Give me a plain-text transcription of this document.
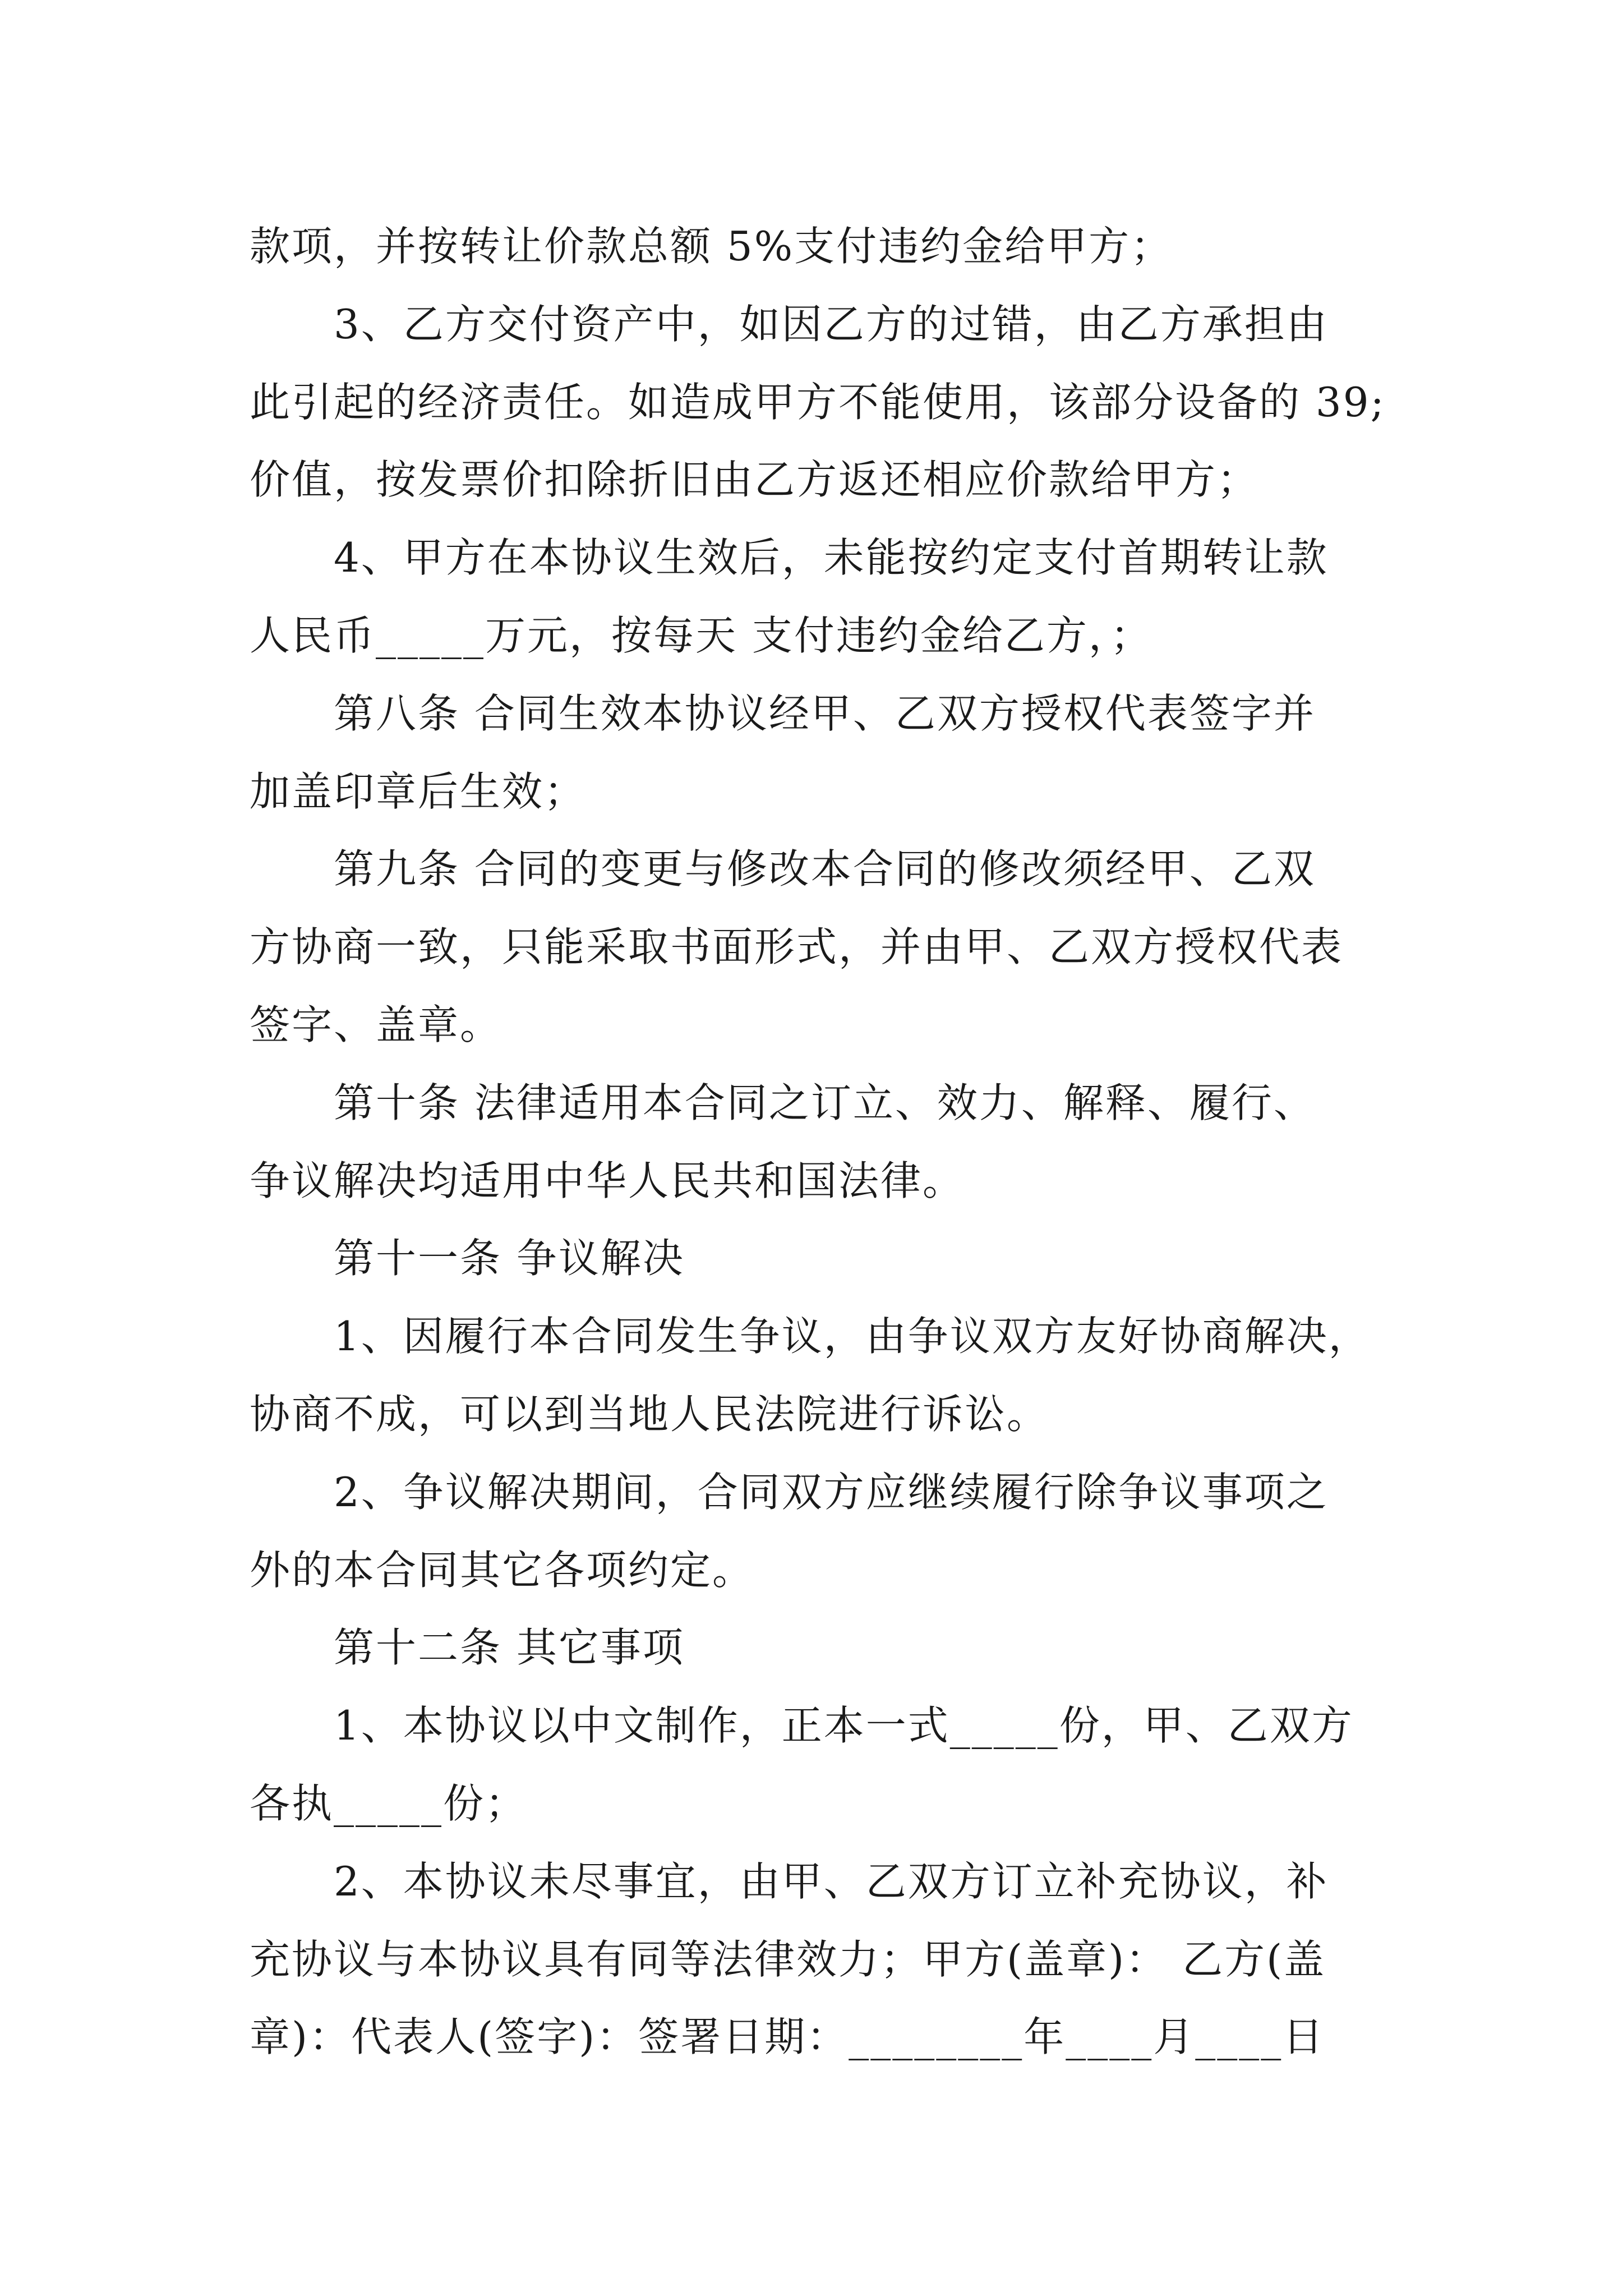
款项，并按转让价款总额 5%支付违约金给甲方；
3、乙方交付资产中，如因乙方的过错，由乙方承担由
此引起的经济责任。如造成甲方不能使用，该部分设备的 39;
价值，按发票价扣除折旧由乙方返还相应价款给甲方；
4、甲方在本协议生效后，未能按约定支付首期转让款
人民币_____万元，按每天 支付违约金给乙方，；
第八条 合同生效本协议经甲、乙双方授权代表签字并
加盖印章后生效；
第九条 合同的变更与修改本合同的修改须经甲、乙双
方协商一致，只能采取书面形式，并由甲、乙双方授权代表
签字、盖章。
第十条 法律适用本合同之订立、效力、解释、履行、
争议解决均适用中华人民共和国法律。
第十一条 争议解决
1、因履行本合同发生争议，由争议双方友好协商解决，
协商不成，可以到当地人民法院进行诉讼。
2、争议解决期间，合同双方应继续履行除争议事项之
外的本合同其它各项约定。
第十二条 其它事项
1、本协议以中文制作，正本一式_____份，甲、乙双方
各执_____份；
2、本协议未尽事宜，由甲、乙双方订立补充协议，补
充协议与本协议具有同等法律效力；甲方(盖章)： 乙方(盖
章)：代表人(签字)：签署日期：________年____月____日
